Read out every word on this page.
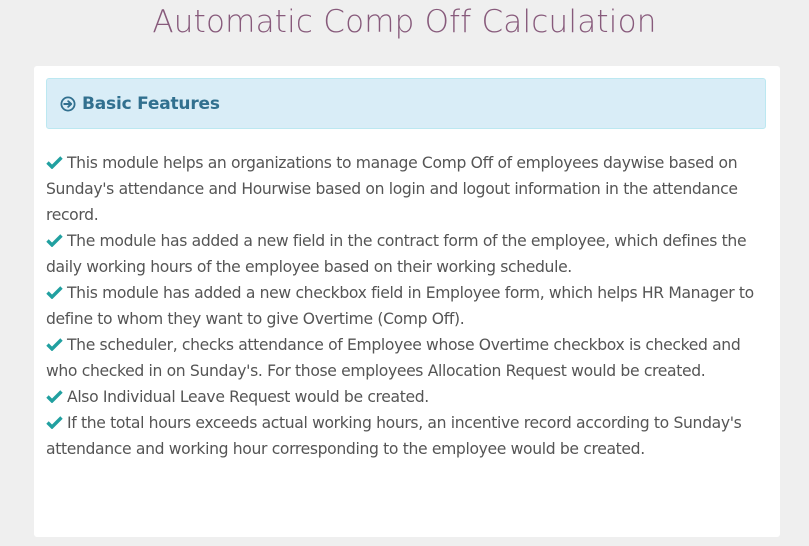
Automatic Comp Off Calculation
Basic Features
This module helps an organizations to manage Comp Off of employees daywise based on Sunday's attendance and Hourwise based on login and logout information in the attendance record.
The module has added a new field in the contract form of the employee, which defines the daily working hours of the employee based on their working schedule.
This module has added a new checkbox field in Employee form, which helps HR Manager to define to whom they want to give Overtime (Comp Off).
The scheduler, checks attendance of Employee whose Overtime checkbox is checked and who checked in on Sunday's. For those employees Allocation Request would be created.
Also Individual Leave Request would be created.
If the total hours exceeds actual working hours, an incentive record according to Sunday's attendance and working hour corresponding to the employee would be created.
